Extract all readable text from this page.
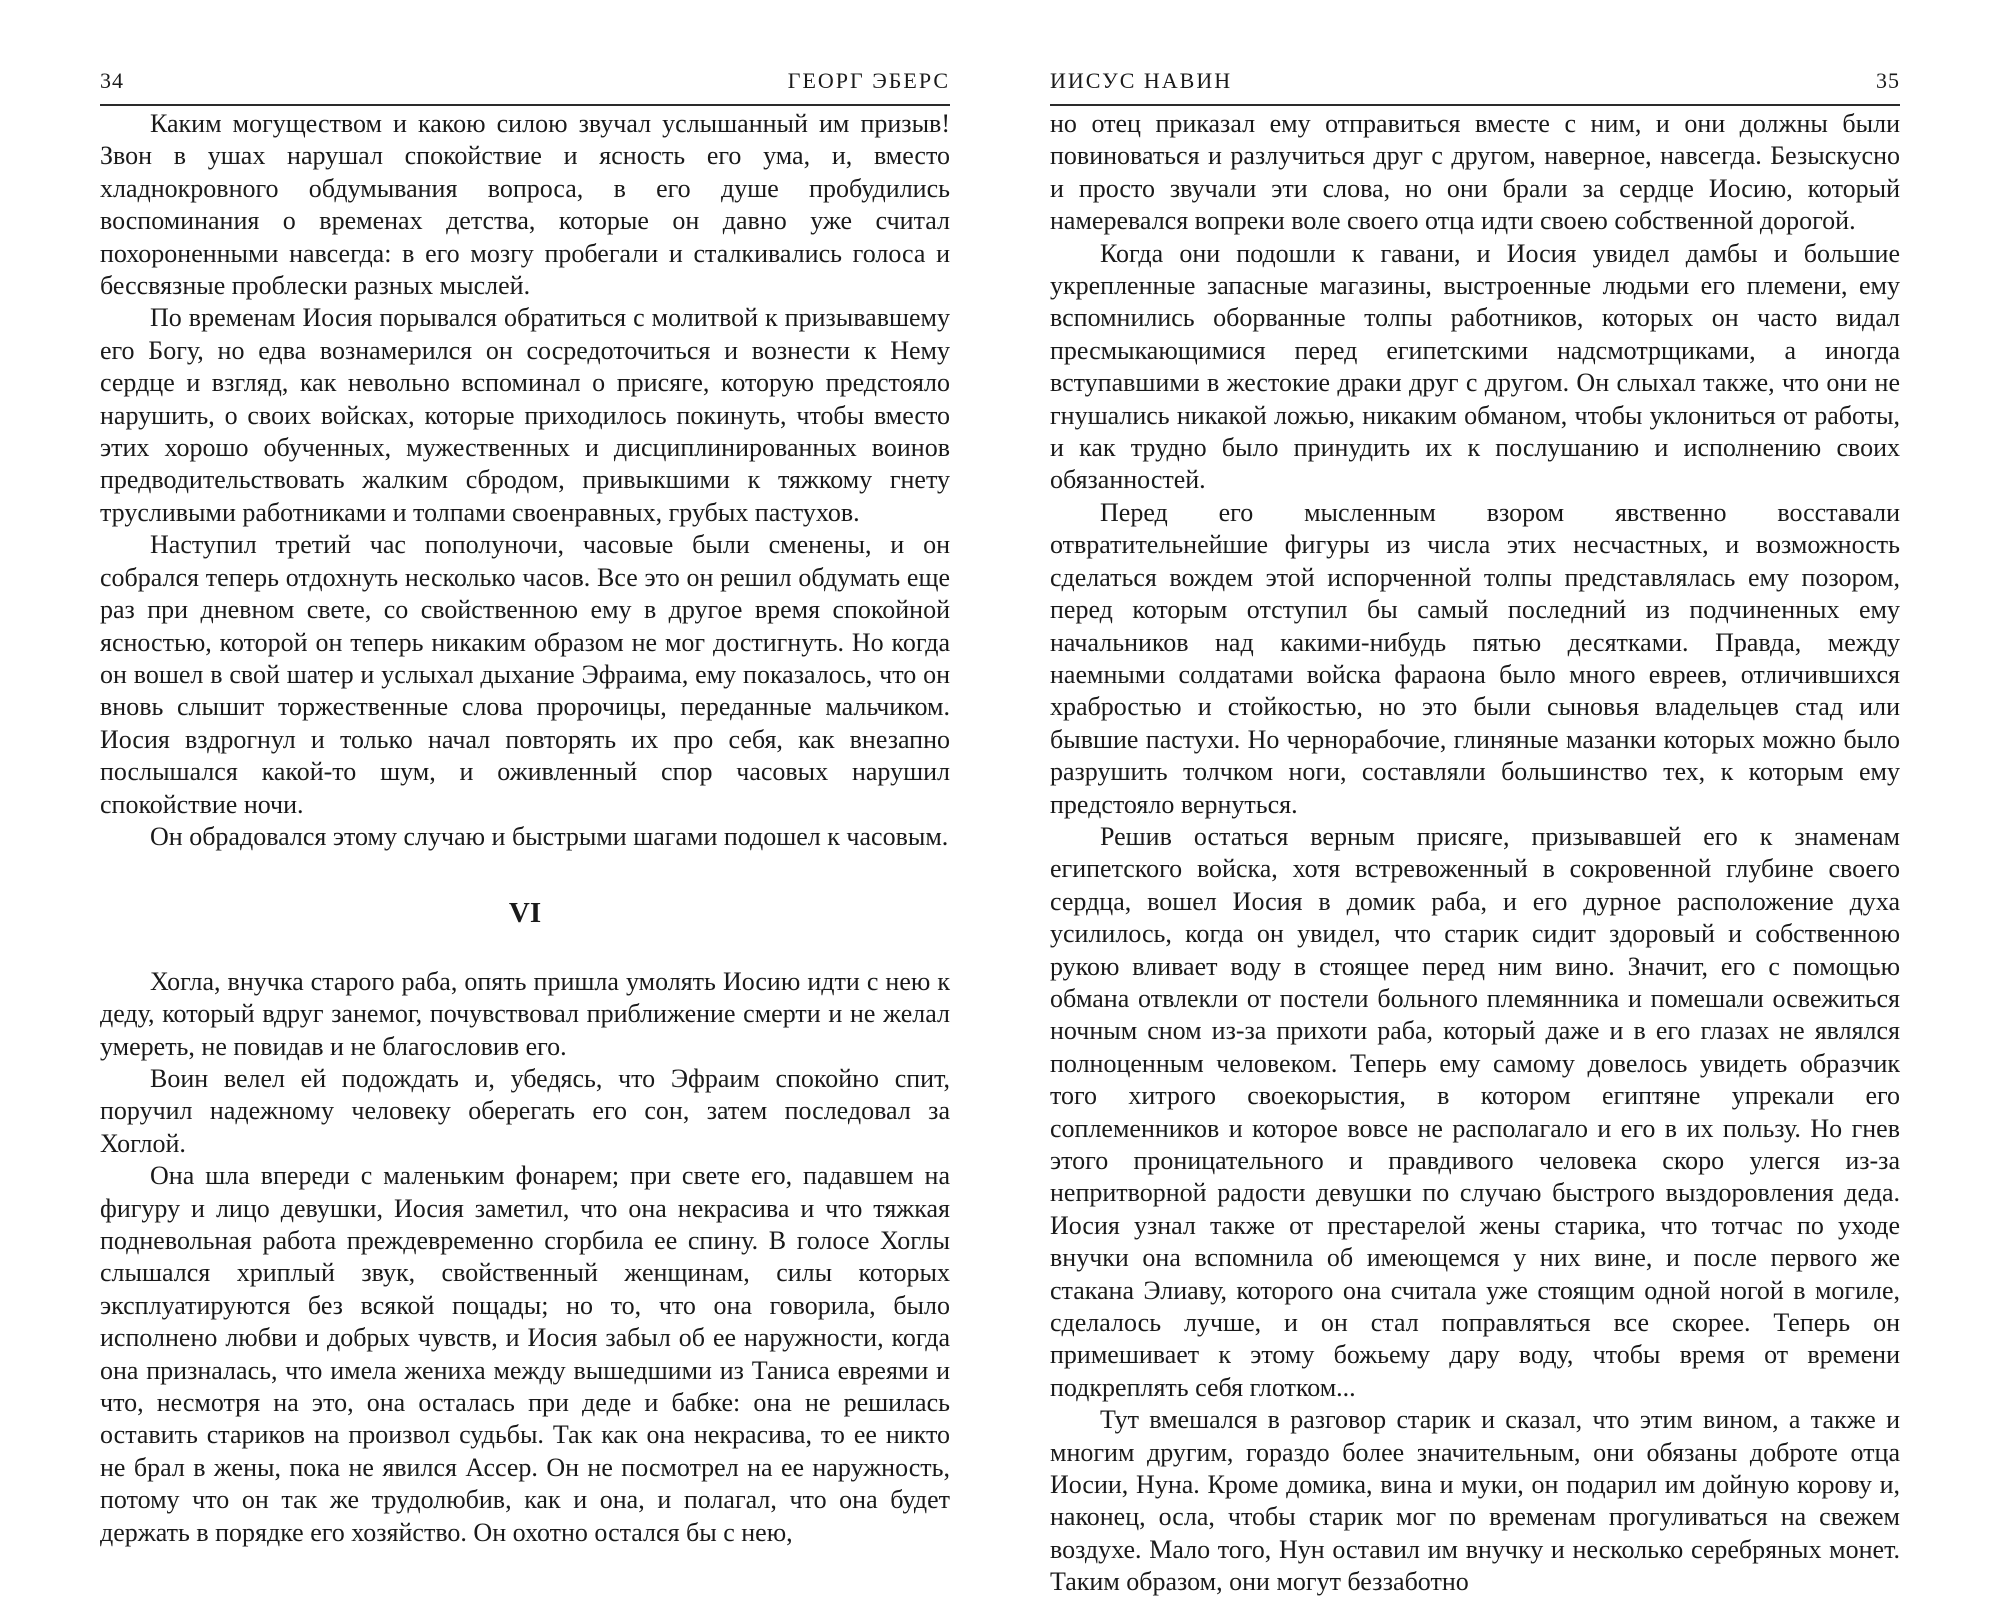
34	ГЕОРГ ЭБЕРС

Каким могуществом и какою силою звучал услышанный им призыв! Звон в ушах нарушал спокойствие и ясность его ума, и, вместо хладнокровного обдумывания вопроса, в его душе пробудились воспоминания о временах детства, которые он давно уже считал похороненными навсегда: в его мозгу пробегали и сталкивались голоса и бессвязные проблески разных мыслей.

По временам Иосия порывался обратиться с молитвой к призывавшему его Богу, но едва вознамерился он сосредоточиться и вознести к Нему сердце и взгляд, как невольно вспоминал о присяге, которую предстояло нарушить, о своих войсках, которые приходилось покинуть, чтобы вместо этих хорошо обученных, мужественных и дисциплинированных воинов предводительствовать жалким сбродом, привыкшими к тяжкому гнету трусливыми работниками и толпами своенравных, грубых пастухов.

Наступил третий час пополуночи, часовые были сменены, и он собрался теперь отдохнуть несколько часов. Все это он решил обдумать еще раз при дневном свете, со свойственною ему в другое время спокойной ясностью, которой он теперь никаким образом не мог достигнуть. Но когда он вошел в свой шатер и услыхал дыхание Эфраима, ему показалось, что он вновь слышит торжественные слова пророчицы, переданные мальчиком. Иосия вздрогнул и только начал повторять их про себя, как внезапно послышался какой-то шум, и оживленный спор часовых нарушил спокойствие ночи.

Он обрадовался этому случаю и быстрыми шагами подошел к часовым.

VI

Хогла, внучка старого раба, опять пришла умолять Иосию идти с нею к деду, который вдруг занемог, почувствовал приближение смерти и не желал умереть, не повидав и не благословив его.

Воин велел ей подождать и, убедясь, что Эфраим спокойно спит, поручил надежному человеку оберегать его сон, затем последовал за Хоглой.

Она шла впереди с маленьким фонарем; при свете его, падавшем на фигуру и лицо девушки, Иосия заметил, что она некрасива и что тяжкая подневольная работа преждевременно сгорбила ее спину. В голосе Хоглы слышался хриплый звук, свойственный женщинам, силы которых эксплуатируются без всякой пощады; но то, что она говорила, было исполнено любви и добрых чувств, и Иосия забыл об ее наружности, когда она призналась, что имела жениха между вышедшими из Таниса евреями и что, несмотря на это, она осталась при деде и бабке: она не решилась оставить стариков на произвол судьбы. Так как она некрасива, то ее никто не брал в жены, пока не явился Ассер. Он не посмотрел на ее наружность, потому что он так же трудолюбив, как и она, и полагал, что она будет держать в порядке его хозяйство. Он охотно остался бы с нею,

ИИСУС НАВИН	35

но отец приказал ему отправиться вместе с ним, и они должны были повиноваться и разлучиться друг с другом, наверное, навсегда. Безыскусно и просто звучали эти слова, но они брали за сердце Иосию, который намеревался вопреки воле своего отца идти своею собственной дорогой.

Когда они подошли к гавани, и Иосия увидел дамбы и большие укрепленные запасные магазины, выстроенные людьми его племени, ему вспомнились оборванные толпы работников, которых он часто видал пресмыкающимися перед египетскими надсмотрщиками, а иногда вступавшими в жестокие драки друг с другом. Он слыхал также, что они не гнушались никакой ложью, никаким обманом, чтобы уклониться от работы, и как трудно было принудить их к послушанию и исполнению своих обязанностей.

Перед его мысленным взором явственно восставали отвратительнейшие фигуры из числа этих несчастных, и возможность сделаться вождем этой испорченной толпы представлялась ему позором, перед которым отступил бы самый последний из подчиненных ему начальников над какими-нибудь пятью десятками. Правда, между наемными солдатами войска фараона было много евреев, отличившихся храбростью и стойкостью, но это были сыновья владельцев стад или бывшие пастухи. Но чернорабочие, глиняные мазанки которых можно было разрушить толчком ноги, составляли большинство тех, к которым ему предстояло вернуться.

Решив остаться верным присяге, призывавшей его к знаменам египетского войска, хотя встревоженный в сокровенной глубине своего сердца, вошел Иосия в домик раба, и его дурное расположение духа усилилось, когда он увидел, что старик сидит здоровый и собственною рукою вливает воду в стоящее перед ним вино. Значит, его с помощью обмана отвлекли от постели больного племянника и помешали освежиться ночным сном из-за прихоти раба, который даже и в его глазах не являлся полноценным человеком. Теперь ему самому довелось увидеть образчик того хитрого своекорыстия, в котором египтяне упрекали его соплеменников и которое вовсе не располагало и его в их пользу. Но гнев этого проницательного и правдивого человека скоро улегся из-за непритворной радости девушки по случаю быстрого выздоровления деда. Иосия узнал также от престарелой жены старика, что тотчас по уходе внучки она вспомнила об имеющемся у них вине, и после первого же стакана Элиаву, которого она считала уже стоящим одной ногой в могиле, сделалось лучше, и он стал поправляться все скорее. Теперь он примешивает к этому божьему дару воду, чтобы время от времени подкреплять себя глотком...

Тут вмешался в разговор старик и сказал, что этим вином, а также и многим другим, гораздо более значительным, они обязаны доброте отца Иосии, Нуна. Кроме домика, вина и муки, он подарил им дойную корову и, наконец, осла, чтобы старик мог по временам прогуливаться на свежем воздухе. Мало того, Нун оставил им внучку и несколько серебряных монет. Таким образом, они могут беззаботно
